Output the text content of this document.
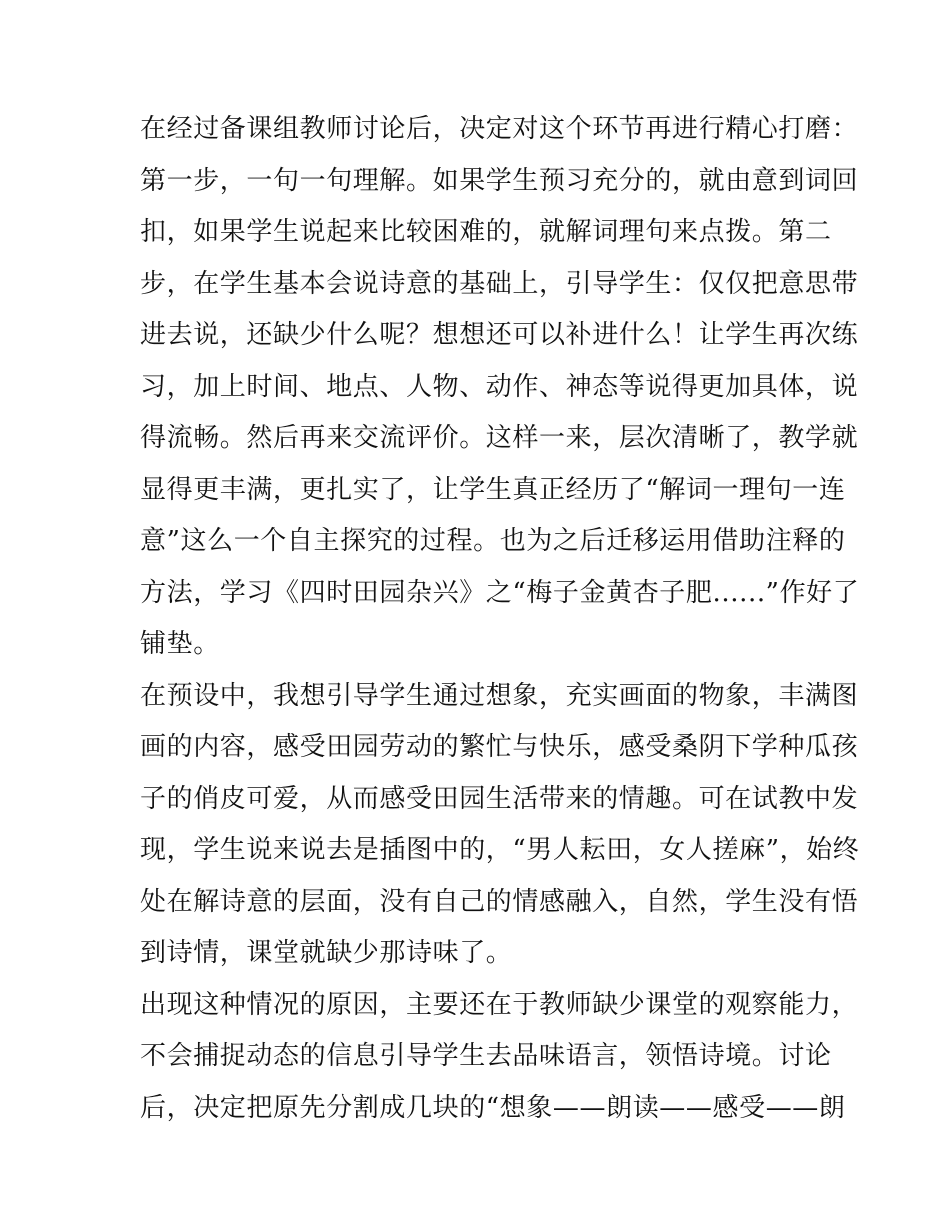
在经过备课组教师讨论后，决定对这个环节再进行精心打磨：
第一步，一句一句理解。如果学生预习充分的，就由意到词回
扣，如果学生说起来比较困难的，就解词理句来点拨。第二
步，在学生基本会说诗意的基础上，引导学生：仅仅把意思带
进去说，还缺少什么呢？想想还可以补进什么！让学生再次练
习，加上时间、地点、人物、动作、神态等说得更加具体，说
得流畅。然后再来交流评价。这样一来，层次清晰了，教学就
显得更丰满，更扎实了，让学生真正经历了“解词一理句一连
意”这么一个自主探究的过程。也为之后迁移运用借助注释的
方法，学习《四时田园杂兴》之“梅子金黄杏子肥......”作好了
铺垫。
在预设中，我想引导学生通过想象，充实画面的物象，丰满图
画的内容，感受田园劳动的繁忙与快乐，感受桑阴下学种瓜孩
子的俏皮可爱，从而感受田园生活带来的情趣。可在试教中发
现，学生说来说去是插图中的，“男人耘田，女人搓麻”，始终
处在解诗意的层面，没有自己的情感融入，自然，学生没有悟
到诗情，课堂就缺少那诗味了。
出现这种情况的原因，主要还在于教师缺少课堂的观察能力，
不会捕捉动态的信息引导学生去品味语言，领悟诗境。讨论
后，决定把原先分割成几块的“想象——朗读——感受——朗
